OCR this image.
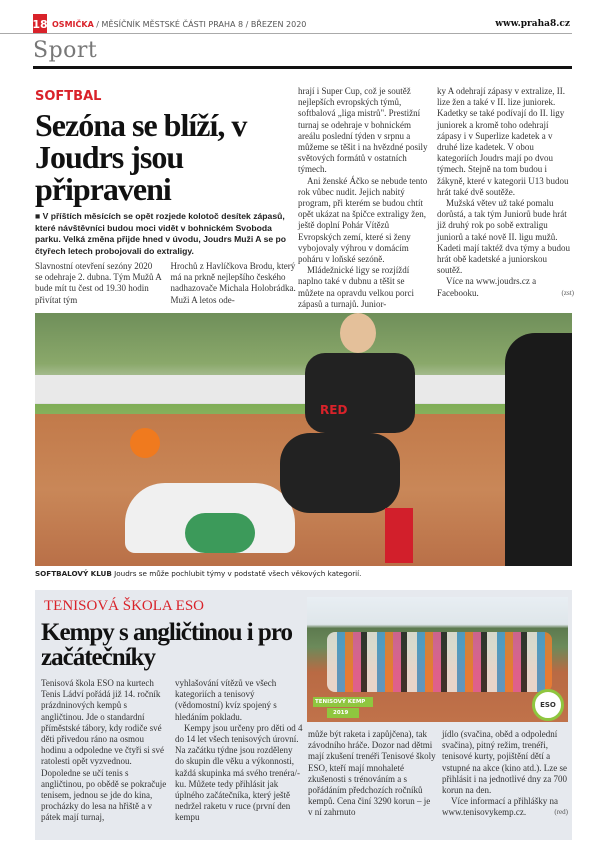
18 OSMIČKA / MĚSÍČNÍK MĚSTSKÉ ČÁSTI PRAHA 8 / BŘEZEN 2020	www.praha8.cz
Sport
SOFTBAL
Sezóna se blíží, v Joudrs jsou připraveni
■ V příštích měsících se opět rozjede kolotoč desítek zápasů, které návštěvníci budou moci vidět v bohnickém Svoboda parku. Velká změna přijde hned v úvodu, Joudrs Muži A se po čtyřech letech probojovali do extraligy.

Slavnostní otevření sezóny 2020 se odehraje 2. dubna. Tým Mužů A bude mít tu čest od 19.30 hodin přivítat tým

Hrochů z Havlíčkova Brodu, který má na prkně nejlepšího českého nadhazovače Michala Holobrádka. Muži A letos ode-

hrají i Super Cup, což je soutěž nejlepších evropských týmů, softbalová „liga mistrů". Prestižní turnaj se odehraje v bohnickém areálu poslední týden v srpnu a můžeme se těšit i na hvězdné posily světových formátů v ostatních týmech.

Ani ženské Áčko se nebude tento rok vůbec nudit. Jejich nabitý program, při kterém se budou chtít opět ukázat na špičce extraligy žen, ještě doplní Pohár Vítězů Evropských zemí, které si ženy vybojovaly výhrou v domácím poháru v loňské sezóně.

Mládežnické ligy se rozjíždí naplno také v dubnu a těšit se můžete na opravdu velkou porci zápasů a turnajů. Junior-

ky A odehrají zápasy v extralize, II. lize žen a také v II. lize juniorek. Kadetky se také podívají do II. ligy juniorek a kromě toho odehrají zápasy i v Superlize kadetek a v druhé lize kadetek. V obou kategoriích Joudrs mají po dvou týmech. Stejně na tom budou i žákyně, které v kategorii U13 budou hrát také dvě soutěže.

Mužská větev už také pomalu dorůstá, a tak tým Juniorů bude hrát již druhý rok po sobě extraligu juniorů a také nově II. ligu mužů. Kadeti mají taktéž dva týmy a budou hrát obě kadetské a juniorskou soutěž.

Více na www.joudrs.cz a Facebooku.	(zst)

RED
SOFTBALOVÝ KLUB Joudrs se může pochlubit týmy v podstatě všech věkových kategorií.
TENISOVÁ ŠKOLA ESO
Kempy s angličtinou i pro začátečníky
TENISOVÝ KEMP
2019
ESO

Tenisová škola ESO na kurtech Tenis Ládví pořádá již 14. ročník prázdninových kempů s angličtinou. Jde o standardní příměstské tábory, kdy rodiče své děti přivedou ráno na osmou hodinu a odpoledne ve čtyři si své ratolesti opět vyzvednou. Dopoledne se učí tenis s angličtinou, po obědě se pokračuje tenisem, jednou se jde do kina, procházky do lesa na hřiště a v pátek mají turnaj,

vyhlašování vítězů ve všech kategoriích a tenisový (vědomostní) kvíz spojený s hledáním pokladu.

Kempy jsou určeny pro děti od 4 do 14 let všech tenisových úrovní. Na začátku týdne jsou rozděleny do skupin dle věku a výkonnosti, každá skupinka má svého trenéra/-ku. Můžete tedy přihlásit jak úplného začátečníka, který ještě nedržel raketu v ruce (první den kempu

může být raketa i zapůjčena), tak závodního hráče. Dozor nad dětmi mají zkušení trenéři Tenisové školy ESO, kteří mají mnohaleté zkušenosti s trénováním a s pořádáním předchozích ročníků kempů. Cena činí 3290 korun – je v ní zahrnuto

jídlo (svačina, oběd a odpolední svačina), pitný režim, trenéři, tenisové kurty, pojištění dětí a vstupné na akce (kino atd.). Lze se přihlásit i na jednotlivé dny za 700 korun na den.

Více informací a přihlášky na www.tenisovykemp.cz.	(red)
